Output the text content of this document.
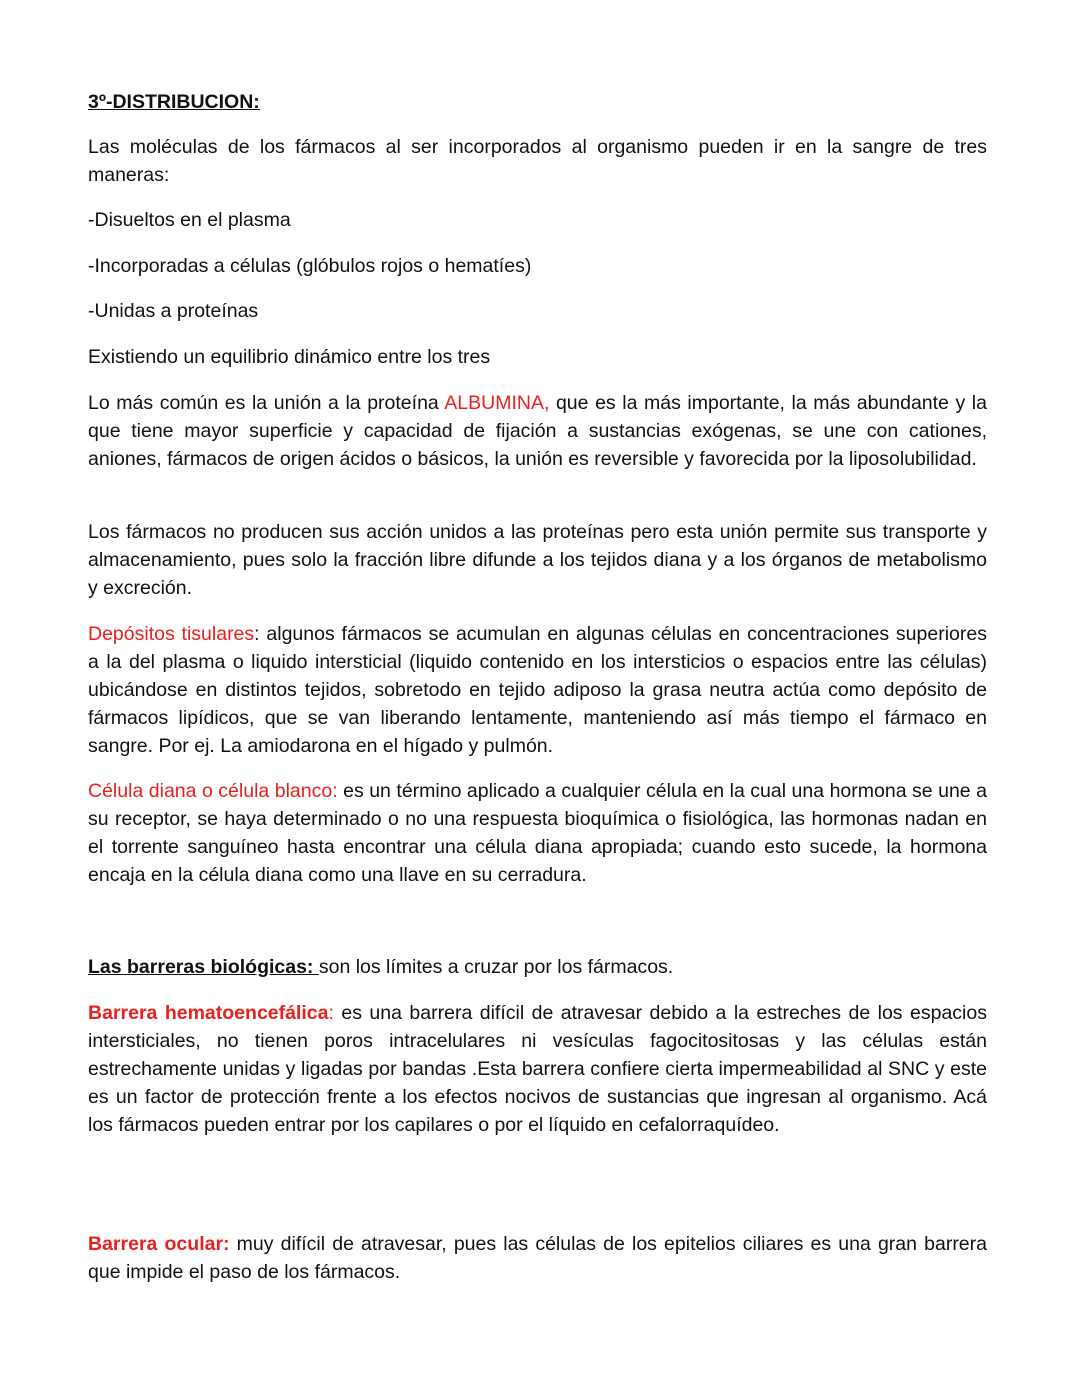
3º-DISTRIBUCION:

Las moléculas de los fármacos al ser incorporados al organismo pueden ir en la sangre de tres maneras:

-Disueltos en el plasma

-Incorporadas a células (glóbulos rojos o hematíes)

-Unidas a proteínas

Existiendo un equilibrio dinámico entre los tres

Lo más común es la unión a la proteína ALBUMINA, que es la más importante, la más abundante y la que tiene mayor superficie y capacidad de fijación a sustancias exógenas, se une con cationes, aniones, fármacos de origen ácidos o básicos, la unión es reversible y favorecida por la liposolubilidad.

Los fármacos no producen sus acción unidos a las proteínas pero esta unión permite sus transporte y almacenamiento, pues solo la fracción libre difunde a los tejidos diana y a los órganos de metabolismo y excreción.

Depósitos tisulares: algunos fármacos se acumulan en algunas células en concentraciones superiores a la del plasma o liquido intersticial (liquido contenido en los intersticios o espacios entre las células) ubicándose en distintos tejidos, sobretodo en tejido adiposo la grasa neutra actúa como depósito de fármacos lipídicos, que se van liberando lentamente, manteniendo así más tiempo el fármaco en sangre. Por ej. La amiodarona en el hígado y pulmón.

Célula diana o célula blanco: es un término aplicado a cualquier célula en la cual una hormona se une a su receptor, se haya determinado o no una respuesta bioquímica o fisiológica, las hormonas nadan en el torrente sanguíneo hasta encontrar una célula diana apropiada; cuando esto sucede, la hormona encaja en la célula diana como una llave en su cerradura.

Las barreras biológicas: son los límites a cruzar por los fármacos.

Barrera hematoencefálica: es una barrera difícil de atravesar debido a la estreches de los espacios intersticiales, no tienen poros intracelulares ni vesículas fagocitositosas y las células están estrechamente unidas y ligadas por bandas .Esta barrera confiere cierta impermeabilidad al SNC y este es un factor de protección frente a los efectos nocivos de sustancias que ingresan al organismo. Acá los fármacos pueden entrar por los capilares o por el líquido en cefalorraquídeo.

Barrera ocular: muy difícil de atravesar, pues las células de los epitelios ciliares es una gran barrera que impide el paso de los fármacos.
